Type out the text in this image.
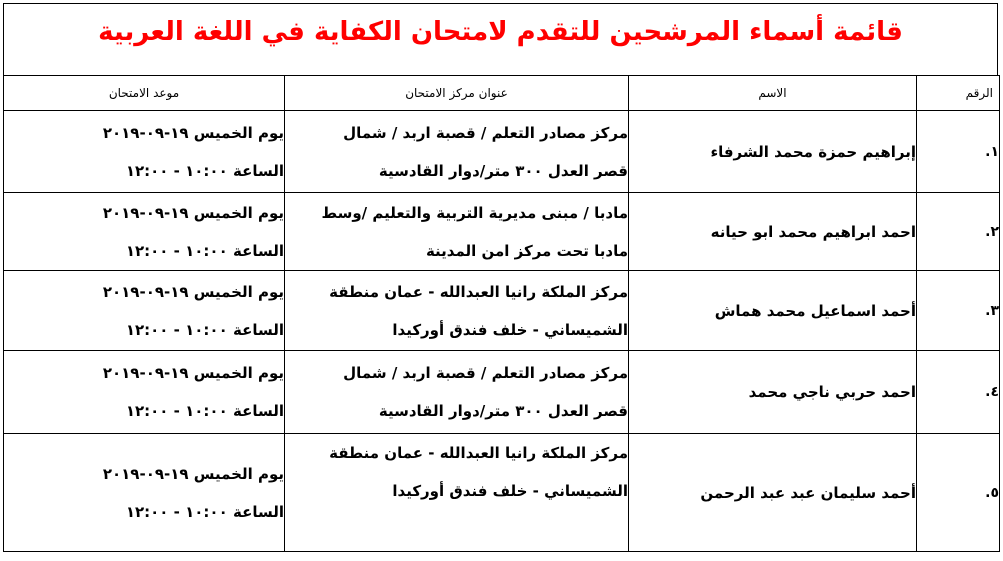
قائمة أسماء المرشحين للتقدم لامتحان الكفاية في اللغة العربية
الرقم	الاسم	عنوان مركز الامتحان	موعد الامتحان
١.	إبراهيم حمزة محمد الشرفاء	مركز مصادر التعلم / قصبة اربد / شمال
قصر العدل ٣٠٠ متر/دوار القادسية	يوم الخميس ١٩-٠٩-٢٠١٩
الساعة ١٠:٠٠ - ١٢:٠٠

٢.	احمد ابراهيم محمد ابو حيانه	مادبا / مبنى مديرية التربية والتعليم /وسط
مادبا تحت مركز امن المدينة	يوم الخميس ١٩-٠٩-٢٠١٩
الساعة ١٠:٠٠ - ١٢:٠٠

٣.	أحمد اسماعيل محمد هماش	مركز الملكة رانيا العبدالله - عمان منطقة
الشميساني - خلف فندق أوركيدا	يوم الخميس ١٩-٠٩-٢٠١٩
الساعة ١٠:٠٠ - ١٢:٠٠

٤.	احمد حربي ناجي محمد	مركز مصادر التعلم / قصبة اربد / شمال
قصر العدل ٣٠٠ متر/دوار القادسية	يوم الخميس ١٩-٠٩-٢٠١٩
الساعة ١٠:٠٠ - ١٢:٠٠

٥.	أحمد سليمان عبد عبد الرحمن	مركز الملكة رانيا العبدالله - عمان منطقة
الشميساني - خلف فندق أوركيدا	يوم الخميس ١٩-٠٩-٢٠١٩
الساعة ١٠:٠٠ - ١٢:٠٠
